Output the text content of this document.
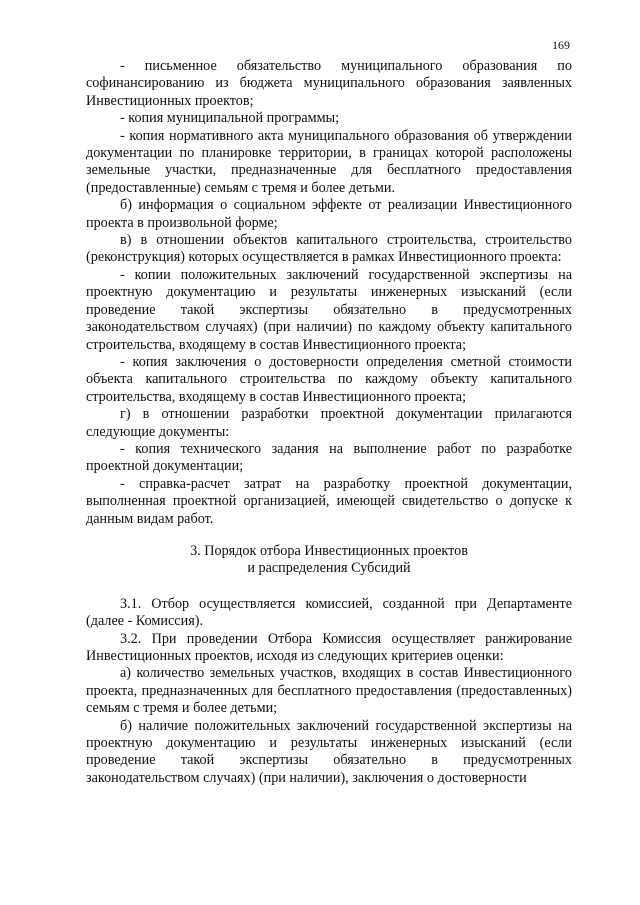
169

- письменное обязательство муниципального образования по софинансированию из бюджета муниципального образования заявленных Инвестиционных проектов;

- копия муниципальной программы;

- копия нормативного акта муниципального образования об утверждении документации по планировке территории, в границах которой расположены земельные участки, предназначенные для бесплатного предоставления (предоставленные) семьям с тремя и более детьми.

б) информация о социальном эффекте от реализации Инвестиционного проекта в произвольной форме;

в) в отношении объектов капитального строительства, строительство (реконструкция) которых осуществляется в рамках Инвестиционного проекта:

- копии положительных заключений государственной экспертизы на проектную документацию и результаты инженерных изысканий (если проведение такой экспертизы обязательно в предусмотренных законодательством случаях) (при наличии) по каждому объекту капитального строительства, входящему в состав Инвестиционного проекта;

- копия заключения о достоверности определения сметной стоимости объекта капитального строительства по каждому объекту капитального строительства, входящему в состав Инвестиционного проекта;

г) в отношении разработки проектной документации прилагаются следующие документы:

- копия технического задания на выполнение работ по разработке проектной документации;

- справка-расчет затрат на разработку проектной документации, выполненная проектной организацией, имеющей свидетельство о допуске к данным видам работ.

3. Порядок отбора Инвестиционных проектов

и распределения Субсидий

3.1. Отбор осуществляется комиссией, созданной при Департаменте (далее - Комиссия).

3.2. При проведении Отбора Комиссия осуществляет ранжирование Инвестиционных проектов, исходя из следующих критериев оценки:

а) количество земельных участков, входящих в состав Инвестиционного проекта, предназначенных для бесплатного предоставления (предоставленных) семьям с тремя и более детьми;

б) наличие положительных заключений государственной экспертизы на проектную документацию и результаты инженерных изысканий (если проведение такой экспертизы обязательно в предусмотренных законодательством случаях) (при наличии), заключения о достоверности
